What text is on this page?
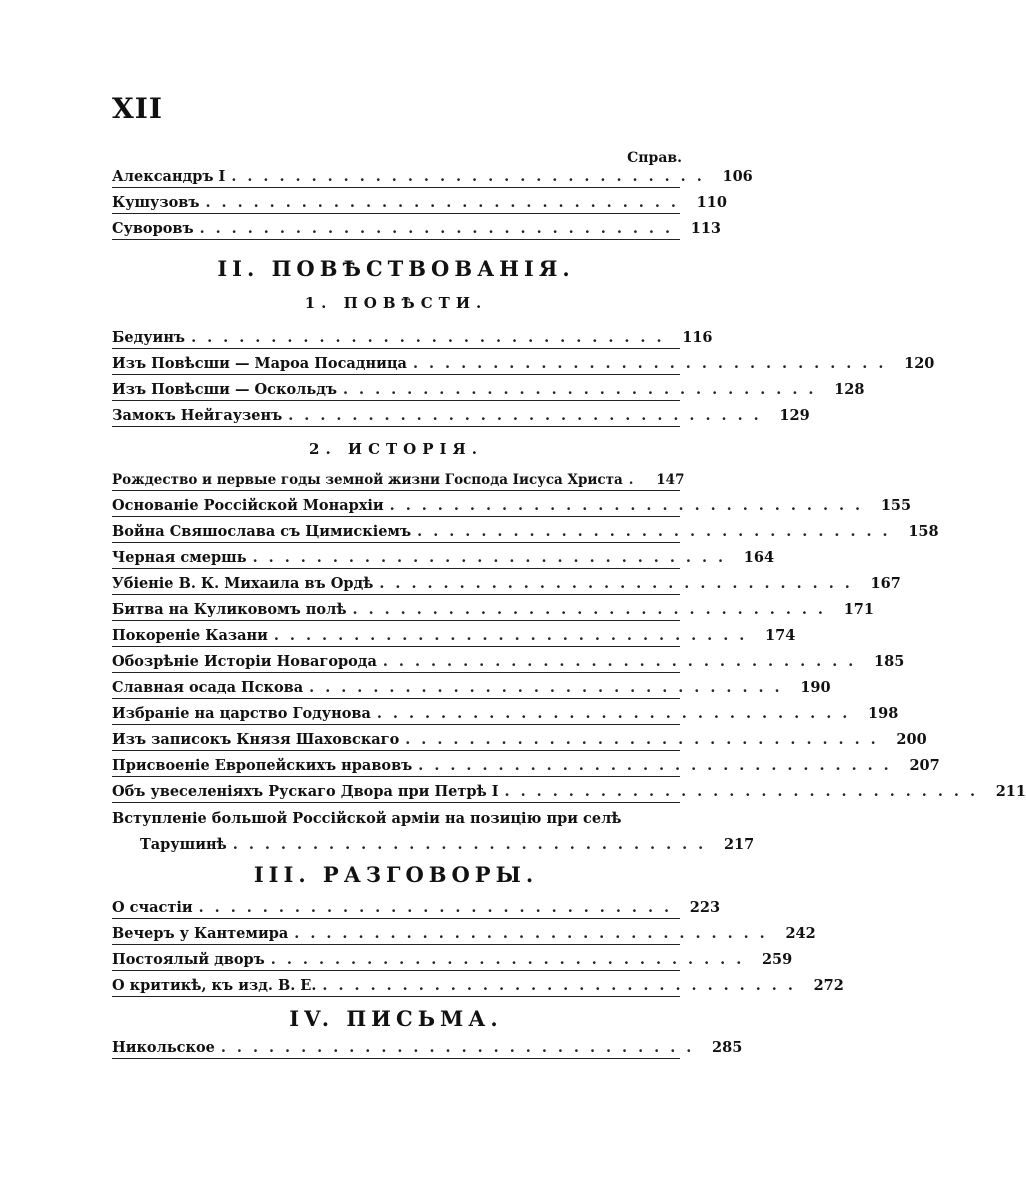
XII
Справ.
Александръ I .............................. 106
Кушузовъ .............................. 110
Суворовъ .............................. 113
II. ПОВѢСТВОВАНІЯ.
1. ПОВѢСТИ.
Бедуинъ .............................. 116
Изъ Повѣсши — Мароа Посадница .............................. 120
Изъ Повѣсши — Оскольдъ .............................. 128
Замокъ Нейгаузенъ .............................. 129
2. ИСТОРІЯ.
Рождество и первые годы земной жизни Господа Іисуса Христа . 147
Основаніе Россійской Монархіи .............................. 155
Война Свяшослава съ Цимискіемъ .............................. 158
Черная смершь .............................. 164
Убіеніе В. К. Михаила въ Ордѣ .............................. 167
Битва на Куликовомъ полѣ .............................. 171
Покореніе Казани .............................. 174
Обозрѣніе Исторіи Новагорода .............................. 185
Славная осада Пскова .............................. 190
Избраніе на царство Годунова .............................. 198
Изъ записокъ Князя Шаховскаго .............................. 200
Присвоеніе Европейскихъ нравовъ .............................. 207
Объ увеселеніяхъ Рускаго Двора при Петрѣ I .............................. 211
Вступленіе большой Россійской арміи на позицію при селѣ
Тарушинѣ .............................. 217
III. РАЗГОВОРЫ.
О счастіи .............................. 223
Вечеръ у Кантемира .............................. 242
Постоялый дворъ .............................. 259
О критикѣ, къ изд. В. Е. .............................. 272
IV. ПИСЬМА.
Никольское .............................. 285
